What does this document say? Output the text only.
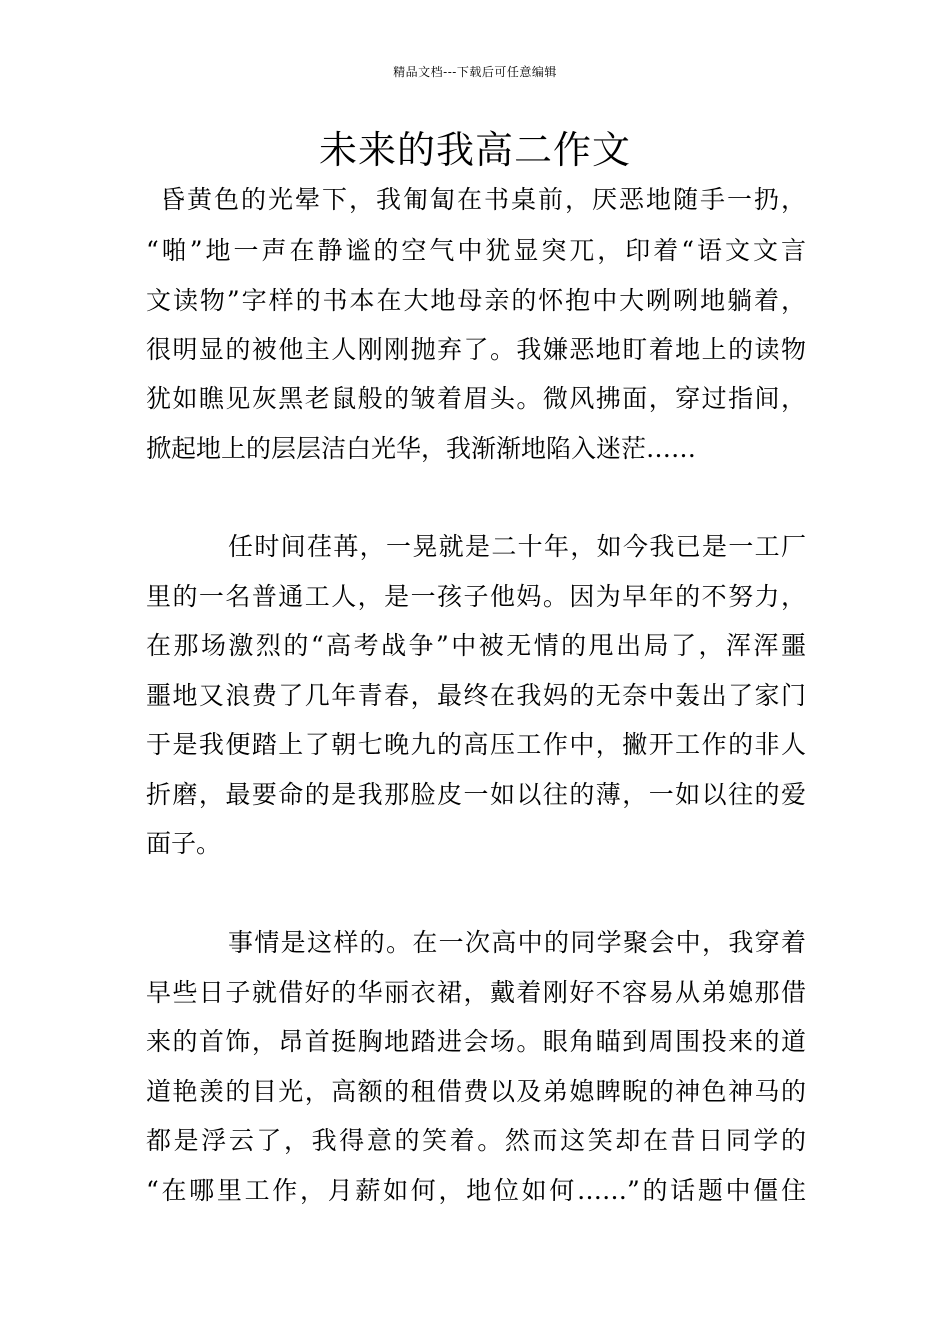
精品文档---下载后可任意编辑
未来的我高二作文
昏黄色的光晕下，我匍匐在书桌前，厌恶地随手一扔，
“啪”地一声在静谧的空气中犹显突兀，印着“语文文言
文读物”字样的书本在大地母亲的怀抱中大咧咧地躺着，
很明显的被他主人刚刚抛弃了。我嫌恶地盯着地上的读物
犹如瞧见灰黑老鼠般的皱着眉头。微风拂面，穿过指间，
掀起地上的层层洁白光华，我渐渐地陷入迷茫……
任时间荏苒，一晃就是二十年，如今我已是一工厂
里的一名普通工人，是一孩子他妈。因为早年的不努力，
在那场激烈的“高考战争”中被无情的甩出局了，浑浑噩
噩地又浪费了几年青春，最终在我妈的无奈中轰出了家门
于是我便踏上了朝七晚九的高压工作中，撇开工作的非人
折磨，最要命的是我那脸皮一如以往的薄，一如以往的爱
面子。
事情是这样的。在一次高中的同学聚会中，我穿着
早些日子就借好的华丽衣裙，戴着刚好不容易从弟媳那借
来的首饰，昂首挺胸地踏进会场。眼角瞄到周围投来的道
道艳羡的目光，高额的租借费以及弟媳睥睨的神色神马的
都是浮云了，我得意的笑着。然而这笑却在昔日同学的
“在哪里工作，月薪如何，地位如何……”的话题中僵住
